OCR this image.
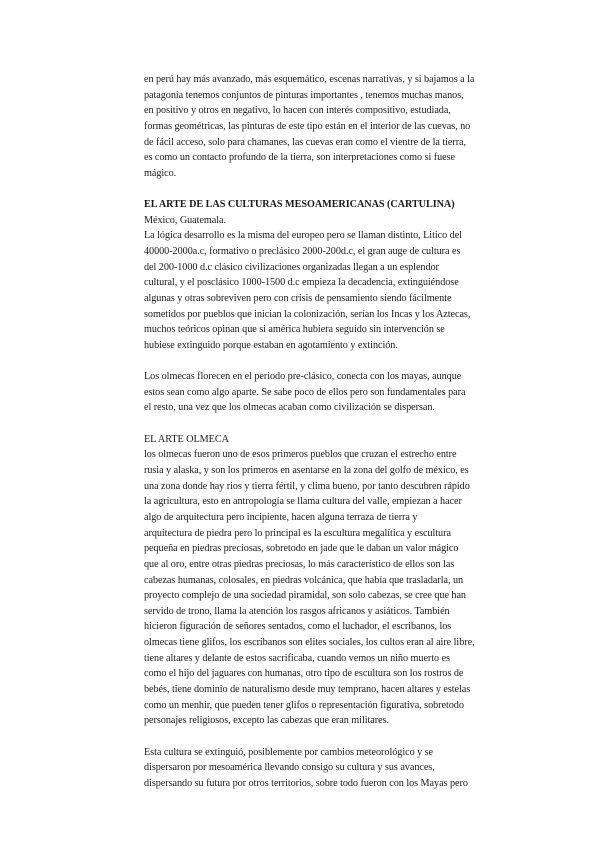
en perú hay más avanzado, más esquemático, escenas narrativas, y si bajamos a la
patagonia tenemos conjuntos de pinturas importantes , tenemos muchas manos,
en positivo y otros en negativo, lo hacen con interés compositivo, estudiada,
formas geométricas, las pinturas de este tipo están en el interior de las cuevas, no
de fácil acceso, solo para chamanes, las cuevas eran como el vientre de la tierra,
es como un contacto profundo de la tierra, son interpretaciones como si fuese
mágico.
EL ARTE DE LAS CULTURAS MESOAMERICANAS (CARTULINA)
México, Guatemala.
La lógica desarrollo es la misma del europeo pero se llaman distinto, Litico del
40000-2000a.c, formativo o preclásico 2000-200d.c, el gran auge de cultura es
del 200-1000 d.c clásico civilizaciones organizadas llegan a un esplendor
cultural, y el posclásico 1000-1500 d.c empieza la decadencia, extinguiéndose
algunas y otras sobreviven pero con crisis de pensamiento siendo fácilmente
sometidos por pueblos que inician la colonización, serían los Incas y los Aztecas,
muchos teóricos opinan que si américa hubiera seguido sin intervención se
hubiese extinguido porque estaban en agotamiento y extinción.
Los olmecas florecen en el periodo pre-clásico, conecta con los mayas, aunque
estos sean como algo aparte. Se sabe poco de ellos pero son fundamentales para
el resto, una vez que los olmecas acaban como civilización se dispersan.
EL ARTE OLMECA
los olmecas fueron uno de esos primeros pueblos que cruzan el estrecho entre
rusia y alaska, y son los primeros en asentarse en la zona del golfo de méxico, es
una zona donde hay rios y tierra fértil, y clima bueno, por tanto descubren rápido
la agricultura, esto en antropología se llama cultura del valle, empiezan a hacer
algo de arquitectura pero incipiente, hacen alguna terraza de tierra y
arquitectura de piedra pero lo principal es la escultura megalítica y escultura
pequeña en piedras preciosas, sobretodo en jade que le daban un valor mágico
que al oro, entre otras piedras preciosas, lo más característico de ellos son las
cabezas humanas, colosales, en piedras volcánica, que había que trasladarla, un
proyecto complejo de una sociedad piramidal, son solo cabezas, se cree que han
servido de trono, llama la atención los rasgos africanos y asiáticos. También
hicieron figuración de señores sentados, como el luchador, el escribanos, los
olmecas tiene glifos, los escribanos son elites sociales, los cultos eran al aire libre,
tiene altares y delante de estos sacrificaba, cuando vemos un niño muerto es
como el hijo del jaguares con humanas, otro tipo de escultura son los rostros de
bebés, tiene dominio de naturalismo desde muy temprano, hacen altares y estelas
como un menhir, que pueden tener glifos o representación figurativa, sobretodo
personajes religiosos, excepto las cabezas que eran militares.
Esta cultura se extinguió, posiblemente por cambios meteorológico y se
dispersaron por mesoamérica llevando consigo su cultura y sus avances,
dispersando su futura por otros territorios, sobre todo fueron con los Mayas pero
